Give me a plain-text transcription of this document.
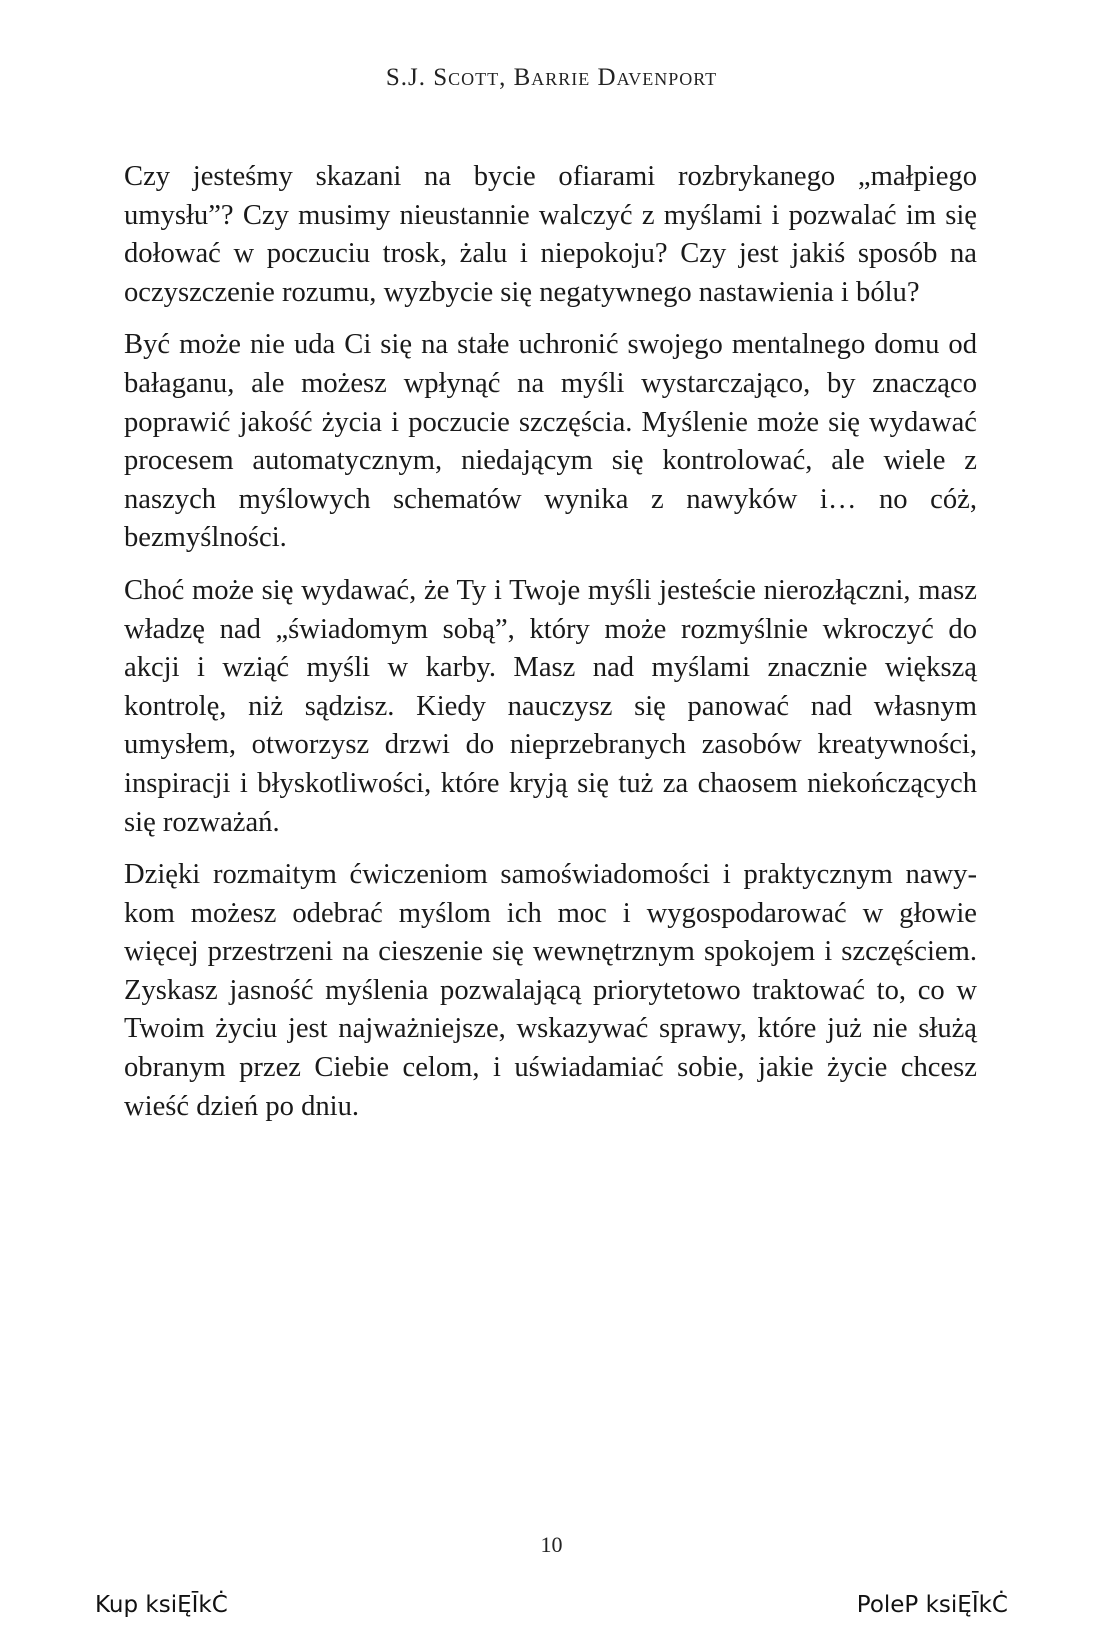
S.J. Scott, Barrie Davenport

Czy jesteśmy skazani na bycie ofiarami rozbrykanego „małpiego umysłu”? Czy musimy nieustannie walczyć z myślami i pozwalać im się dołować w poczuciu trosk, żalu i niepokoju? Czy jest jakiś sposób na oczyszczenie rozumu, wyzbycie się negatywnego nastawienia i bólu?

Być może nie uda Ci się na stałe uchronić swojego mentalnego domu od bałaganu, ale możesz wpłynąć na myśli wystarczająco, by znacząco poprawić jakość życia i poczucie szczęścia. Myślenie może się wydawać procesem automatycznym, niedającym się kontrolować, ale wiele z naszych myślowych schematów wynika z nawyków i… no cóż, bezmyślności.

Choć może się wydawać, że Ty i Twoje myśli jesteście nierozłączni, masz władzę nad „świadomym sobą”, który może rozmyślnie wkroczyć do akcji i wziąć myśli w karby. Masz nad myślami znacznie większą kontrolę, niż sądzisz. Kiedy nauczysz się panować nad własnym umysłem, otworzysz drzwi do nieprzebranych zasobów kreatywności, inspiracji i błyskotliwości, które kryją się tuż za chaosem niekończących się rozważań.

Dzięki rozmaitym ćwiczeniom samoświadomości i praktycznym nawykom możesz odebrać myślom ich moc i wygospodarować w głowie więcej przestrzeni na cieszenie się wewnętrznym spokojem i szczęściem. Zyskasz jasność myślenia pozwalającą priorytetowo traktować to, co w Twoim życiu jest najważniejsze, wskazywać sprawy, które już nie służą obranym przez Ciebie celom, i uświadamiać sobie, jakie życie chcesz wieść dzień po dniu.

10
Kup ksiĘĪkĊ	PoleP ksiĘĪkĊ
